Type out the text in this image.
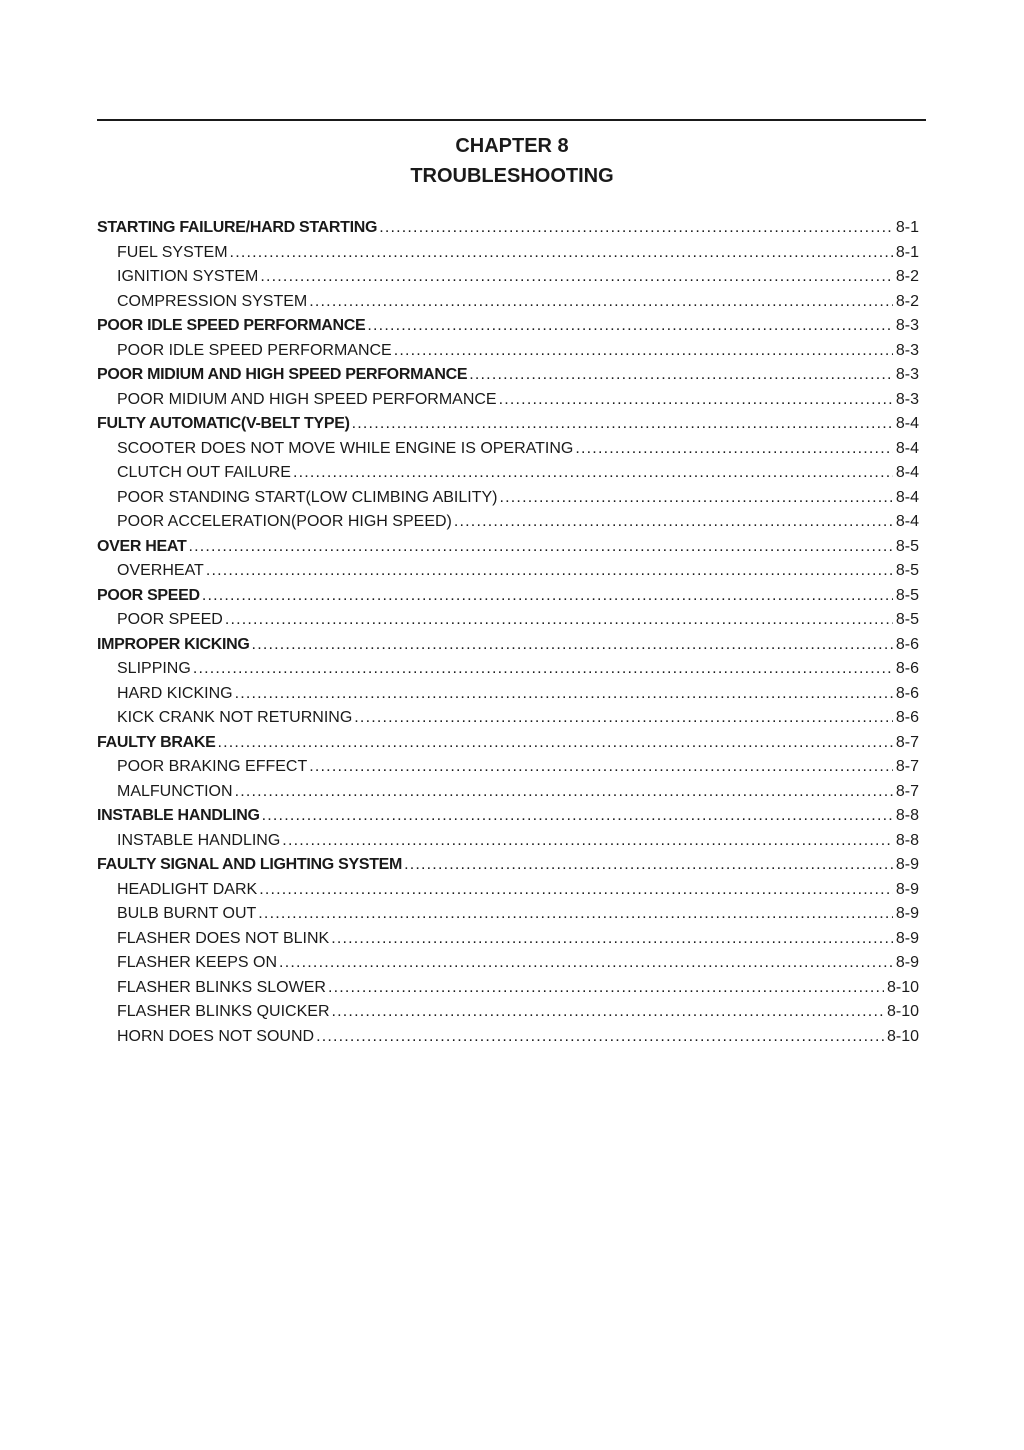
CHAPTER 8
TROUBLESHOOTING
STARTING FAILURE/HARD STARTING .....	8-1
FUEL SYSTEM .....	8-1
IGNITION SYSTEM .....	8-2
COMPRESSION SYSTEM .....	8-2
POOR IDLE SPEED PERFORMANCE .....	8-3
POOR IDLE SPEED PERFORMANCE .....	8-3
POOR MIDIUM AND HIGH SPEED PERFORMANCE .....	8-3
POOR MIDIUM AND HIGH SPEED PERFORMANCE .....	8-3
FULTY AUTOMATIC(V-BELT TYPE) .....	8-4
SCOOTER DOES NOT MOVE WHILE ENGINE IS OPERATING .....	8-4
CLUTCH OUT FAILURE .....	8-4
POOR STANDING START(LOW CLIMBING ABILITY) .....	8-4
POOR ACCELERATION(POOR HIGH SPEED) .....	8-4
OVER HEAT .....	8-5
OVERHEAT .....	8-5
POOR SPEED .....	8-5
POOR SPEED .....	8-5
IMPROPER KICKING .....	8-6
SLIPPING .....	8-6
HARD KICKING .....	8-6
KICK CRANK NOT RETURNING .....	8-6
FAULTY BRAKE .....	8-7
POOR BRAKING EFFECT .....	8-7
MALFUNCTION .....	8-7
INSTABLE HANDLING .....	8-8
INSTABLE HANDLING .....	8-8
FAULTY SIGNAL AND LIGHTING SYSTEM .....	8-9
HEADLIGHT DARK .....	8-9
BULB BURNT OUT .....	8-9
FLASHER DOES NOT BLINK .....	8-9
FLASHER KEEPS ON .....	8-9
FLASHER BLINKS SLOWER .....	8-10
FLASHER BLINKS QUICKER .....	8-10
HORN DOES NOT SOUND .....	8-10
